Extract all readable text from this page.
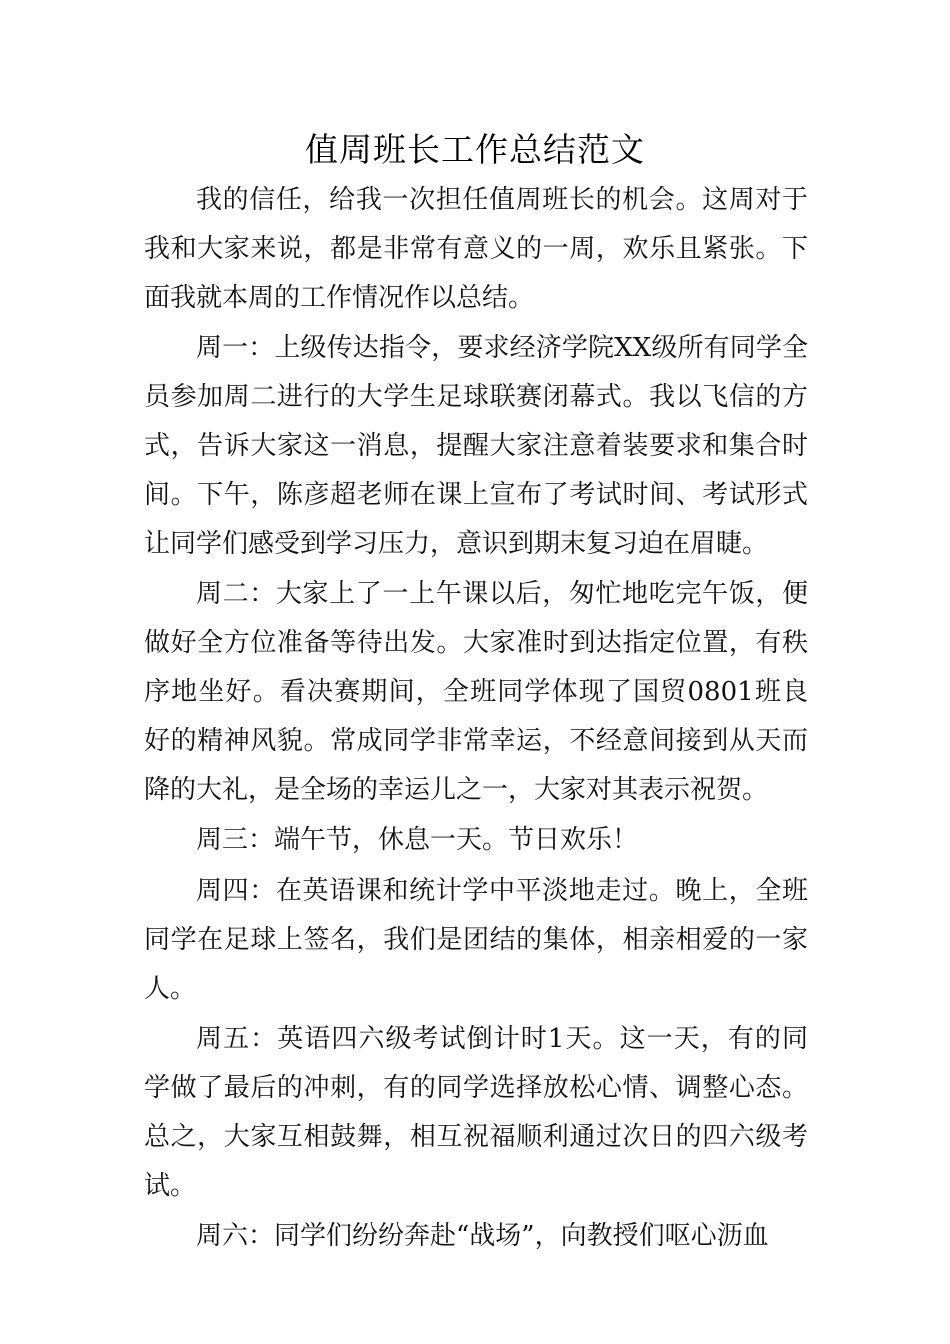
值周班长工作总结范文

我的信任，给我一次担任值周班长的机会。这周对于我和大家来说，都是非常有意义的一周，欢乐且紧张。下面我就本周的工作情况作以总结。

周一：上级传达指令，要求经济学院XX级所有同学全员参加周二进行的大学生足球联赛闭幕式。我以飞信的方式，告诉大家这一消息，提醒大家注意着装要求和集合时间。下午，陈彦超老师在课上宣布了考试时间、考试形式让同学们感受到学习压力，意识到期末复习迫在眉睫。

周二：大家上了一上午课以后，匆忙地吃完午饭，便做好全方位准备等待出发。大家准时到达指定位置，有秩序地坐好。看决赛期间，全班同学体现了国贸0801班良好的精神风貌。常成同学非常幸运，不经意间接到从天而降的大礼，是全场的幸运儿之一，大家对其表示祝贺。

周三：端午节，休息一天。节日欢乐！

周四：在英语课和统计学中平淡地走过。晚上，全班同学在足球上签名，我们是团结的集体，相亲相爱的一家人。

周五：英语四六级考试倒计时1天。这一天，有的同学做了最后的冲刺，有的同学选择放松心情、调整心态。总之，大家互相鼓舞，相互祝福顺利通过次日的四六级考试。

周六：同学们纷纷奔赴“战场”，向教授们呕心沥血
